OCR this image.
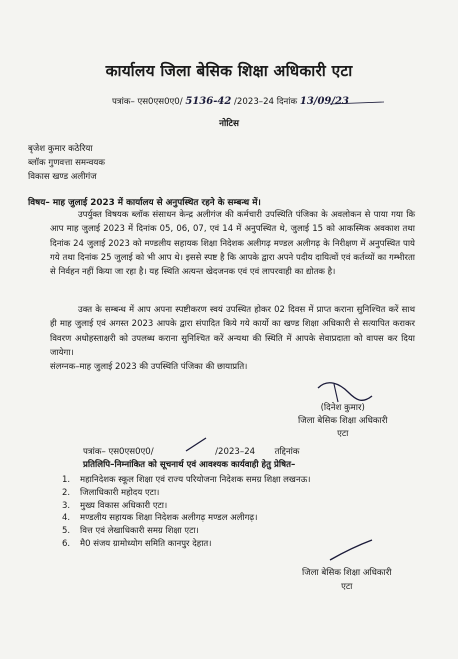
कार्यालय जिला बेसिक शिक्षा अधिकारी एटा
पत्रांक– एस0एस0ए0/ 5136-42 /2023–24 दिनांक 13/09/23
नोटिस
बृजेश कुमार कठेरिया
ब्लॉक गुणवत्ता समन्वयक
विकास खण्ड अलीगंज
विषय– माह जुलाई 2023 में कार्यालय से अनुपस्थित रहने के सम्बन्ध में।

उपर्युक्त विषयक ब्लॉक संसाधन केन्द्र अलीगंज की कर्मचारी उपस्थिति पंजिका के अवलोकन से पाया गया कि आप माह जुलाई 2023 में दिनांक 05, 06, 07, एवं 14 में अनुपस्थित थे, जुलाई 15 को आकस्मिक अवकाश तथा दिनांक 24 जुलाई 2023 को मण्डलीय सहायक शिक्षा निदेशक अलीगढ़ मण्डल अलीगढ़ के निरीक्षण में अनुपस्थित पाये गये तथा दिनांक 25 जुलाई को भी आप थे। इससे स्पष्ट है कि आपके द्वारा अपने पदीय दायित्वों एवं कर्तव्यों का गम्भीरता से निर्वहन नहीं किया जा रहा है। यह स्थिति अत्यन्त खेदजनक एवं एवं लापरवाही का द्योतक है।

उक्त के सम्बन्ध में आप अपना स्पष्टीकरण स्वयं उपस्थित होकर 02 दिवस में प्राप्त कराना सुनिश्चित करें साथ ही माह जुलाई एवं अगस्त 2023 आपके द्वारा संपादित किये गये कार्यो का खण्ड शिक्षा अधिकारी से सत्यापित कराकर विवरण अधोहस्ताक्षरी को उपलब्ध कराना सुनिश्चित करें अन्यथा की स्थिति में आपके सेवाप्रदाता को वापस कर दिया जायेगा।

संलग्नक–माह जुलाई 2023 की उपस्थिति पंजिका की छायाप्रति।
(दिनेश कुमार)
जिला बेसिक शिक्षा अधिकारी
एटा
पत्रांक– एस0एस0ए0/	/2023–24 तद्दिनांक
प्रतिलिपि–निम्नांकित को सूचनार्थ एवं आवश्यक कार्यवाही हेतु प्रेषित–
1. महानिदेशक स्कूल शिक्षा एवं राज्य परियोजना निदेशक समग्र शिक्षा लखनऊ।
2. जिलाधिकारी महोदय एटा।
3. मुख्य विकास अधिकारी एटा।
4. मण्डलीय सहायक शिक्षा निदेशक अलीगढ़ मण्डल अलीगढ़।
5. वित्त एवं लेखाधिकारी समग्र शिक्षा एटा।
6. मै0 संजय ग्रामोध्योग समिति कानपुर देहात।
जिला बेसिक शिक्षा अधिकारी
एटा
